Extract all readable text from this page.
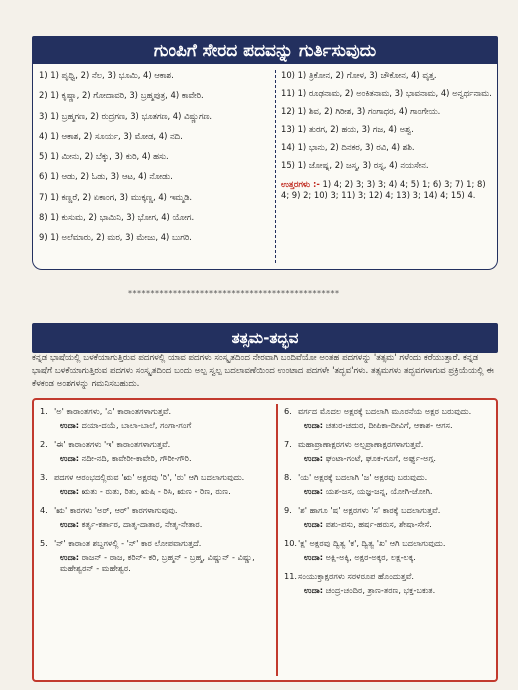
ಗುಂಪಿಗೆ ಸೇರದ ಪದವನ್ನು ಗುರ್ತಿಸುವುದು
1) 1) ಪೃಥ್ವಿ, 2) ನೆಲ, 3) ಭೂಮಿ, 4) ಆಕಾಶ.
2) 1) ಕೃಷ್ಣಾ, 2) ಗೋದಾವರಿ, 3) ಬ್ರಹ್ಮಪುತ್ರ, 4) ಕಾವೇರಿ.
3) 1) ಬ್ರಹ್ಮಗಣ, 2) ರುದ್ರಗಣ, 3) ಭೂತಗಣ, 4) ವಿಷ್ಣುಗಣ.
4) 1) ಆಕಾಶ, 2) ಸೂರ್ಯ, 3) ಮೋಡ, 4) ನದಿ.
5) 1) ಮೀನು, 2) ಬೆಕ್ಕು, 3) ಕುರಿ, 4) ಹಸು.
6) 1) ಆಡು, 2) ಓಡು, 3) ಆಟ, 4) ನೋಡು.
7) 1) ಕಣ್ಣರೆ, 2) ಏಕಾಂಗ, 3) ಮುಕ್ಕಣ್ಣ, 4) ಇಮ್ಮಡಿ.
8) 1) ಕುಸುಮ, 2) ಭಾಮಿನಿ, 3) ಭೋಗ, 4) ಯೋಗ.
9) 1) ಅಲೆಮಾರು, 2) ಮರ, 3) ಮೇಜು, 4) ಬುಗರಿ.
10) 1) ತ್ರಿಕೋನ, 2) ಗೋಳ, 3) ಚೌಕೋನ, 4) ವೃತ್ತ.
11) 1) ರೂಢನಾಮ, 2) ಅಂಕಿತನಾಮ, 3) ಭಾವನಾಮ, 4) ಅನ್ವರ್ಥನಾಮ.
12) 1) ಶಿವ, 2) ಗಿರೀಶ, 3) ಗಂಗಾಧರ, 4) ಗಾಂಗೇಯ.
13) 1) ತುರಗ, 2) ಹಯ, 3) ಗಜ, 4) ಅಶ್ವ.
14) 1) ಭಾನು, 2) ದಿನಕರ, 3) ರವಿ, 4) ಶಶಿ.
15) 1) ಜೋಷ್ನ, 2) ಜಸ್ಮ, 3) ರಸ್ನ, 4) ನಯಸೇನ.
ಉತ್ತರಗಳು :- 1) 4; 2) 3; 3) 3; 4) 4; 5) 1; 6) 3; 7) 1; 8) 4; 9) 2; 10) 3; 11) 3; 12) 4; 13) 3; 14) 4; 15) 4.
***********************************************
ತತ್ಸಮ-ತದ್ಭವ
ಕನ್ನಡ ಭಾಷೆಯಲ್ಲಿ ಬಳಕೆಯಾಗುತ್ತಿರುವ ಪದಗಳಲ್ಲಿ ಯಾವ ಪದಗಳು ಸಂಸ್ಕೃತದಿಂದ ನೇರವಾಗಿ ಬಂದಿವೆಯೋ ಅಂತಹ ಪದಗಳನ್ನು 'ತತ್ಸಮ' ಗಳೆಂದು ಕರೆಯುತ್ತಾರೆ. ಕನ್ನಡ ಭಾಷೆಗೆ ಬಳಕೆಯಾಗುತ್ತಿರುವ ಪದಗಳು ಸಂಸ್ಕೃತದಿಂದ ಬಂದು ಅಲ್ಪ ಸ್ವಲ್ಪ ಬದಲಾವಣೆಯಿಂದ ಉಂಟಾದ ಪದಗಳೇ 'ತದ್ಭವ'ಗಳು. ತತ್ಸಮಗಳು ತದ್ಭವಗಳಾಗುವ ಪ್ರಕ್ರಿಯೆಯಲ್ಲಿ ಈ ಕೆಳಕಂಡ ಅಂಶಗಳನ್ನು ಗಮನಿಸಬಹುದು.
1. 'ಅ' ಕಾರಾಂತಗಳು, 'ಎ' ಕಾರಾಂತಗಳಾಗುತ್ತವೆ.
ಉದಾ: ದಯಾ-ದಯೆ, ಬಾಲಾ-ಬಾಲೆ, ಗಂಗಾ-ಗಂಗೆ
2. 'ಈ' ಕಾರಾಂತಗಳು 'ಇ' ಕಾರಾಂತಗಳಾಗುತ್ತವೆ.
ಉದಾ: ನದೀ-ನದಿ, ಕಾವೇರೀ-ಕಾವೇರಿ, ಗೌರೀ-ಗೌರಿ.
3. ಪದಗಳ ಆರಂಭದಲ್ಲಿರುವ 'ಋ' ಅಕ್ಷರವು 'ರಿ', 'ರು' ಆಗಿ ಬದಲಾಗುವುದು.
ಉದಾ: ಋತು - ರುತು, ರಿತು, ಋಷಿ - ರಿಸಿ, ಋಣ - ರಿಣ, ರುಣ.
4. 'ಋ' ಕಾರಗಳು 'ಅರ್, ಆರ್' ಕಾರಗಳಾಗುವುವು.
ಉದಾ: ಕರ್ತೃ-ಕರ್ತಾರ, ದಾತೃ-ದಾತಾರ, ನೇತೃ-ನೇತಾರ.
5. 'ನ್' ಕಾರಾಂತ ಶಬ್ದಗಳಲ್ಲಿ - 'ನ್' ಕಾರ ಲೋಪವಾಗುತ್ತದೆ.
ಉದಾ: ರಾಜನ್ - ರಾಜ, ಕರಿನ್- ಕರಿ, ಬ್ರಹ್ಮನ್ - ಬ್ರಹ್ಮ, ವಿಷ್ಣುನ್ - ವಿಷ್ಣು, ಮಹೇಶ್ವರನ್ - ಮಹೇಶ್ವರ.
6. ವರ್ಗದ ಮೊದಲ ಅಕ್ಷರಕ್ಕೆ ಬದಲಾಗಿ ಮೂರನೆಯ ಅಕ್ಷರ ಬರುವುದು.
ಉದಾ: ಚತುರ-ಚದುರ, ದೀಪಿಕಾ-ದೀವಿಗೆ, ಆಕಾಶ- ಆಗಸ.
7. ಮಹಾಪ್ರಾಣಾಕ್ಷರಗಳು ಅಲ್ಪಪ್ರಾಣಾಕ್ಷರಗಳಾಗುತ್ತವೆ.
ಉದಾ: ಘಂಟಾ-ಗಂಟೆ, ಘೂಕ-ಗೂಗೆ, ಅರ್ಘ್ಯ-ಅಗ್ಗ.
8. 'ಯ' ಅಕ್ಷರಕ್ಕೆ ಬದಲಾಗಿ 'ಜ' ಅಕ್ಷರವು ಬರುವುದು.
ಉದಾ: ಯಶ-ಜಸ, ಯಜ್ಞ-ಜನ್ನ, ಯೋಗಿ-ಜೋಗಿ.
9. 'ಶ' ಹಾಗೂ 'ಷ' ಅಕ್ಷರಗಳು 'ಸ' ಕಾರಕ್ಕೆ ಬದಲಾಗುತ್ತವೆ.
ಉದಾ: ಪಶು-ಪಸು, ಹರ್ಷ-ಹರುಸ, ಶೇಷಾ-ಸೇಸೆ.
10.'ಕ್ಷ' ಅಕ್ಷರವು ದ್ವಿತ್ವ 'ಕ', ದ್ವಿತ್ವ 'ಖ' ಆಗಿ ಬದಲಾಗುವುದು.
ಉದಾ: ಅಕ್ಷಿ-ಅಕ್ಕಿ, ಅಕ್ಷರ-ಅಕ್ಕರ, ಲಕ್ಷ-ಲಕ್ಕ.
11.ಸಂಯುಕ್ತಾಕ್ಷರಗಳು ಸರಳರೂಪ ಹೊಂದುತ್ತವೆ.
ಉದಾ: ಚಂದ್ರ-ಚಂದಿರ, ತ್ರಾಣ-ತರಣ, ಭಕ್ತ-ಬಕುತ.
